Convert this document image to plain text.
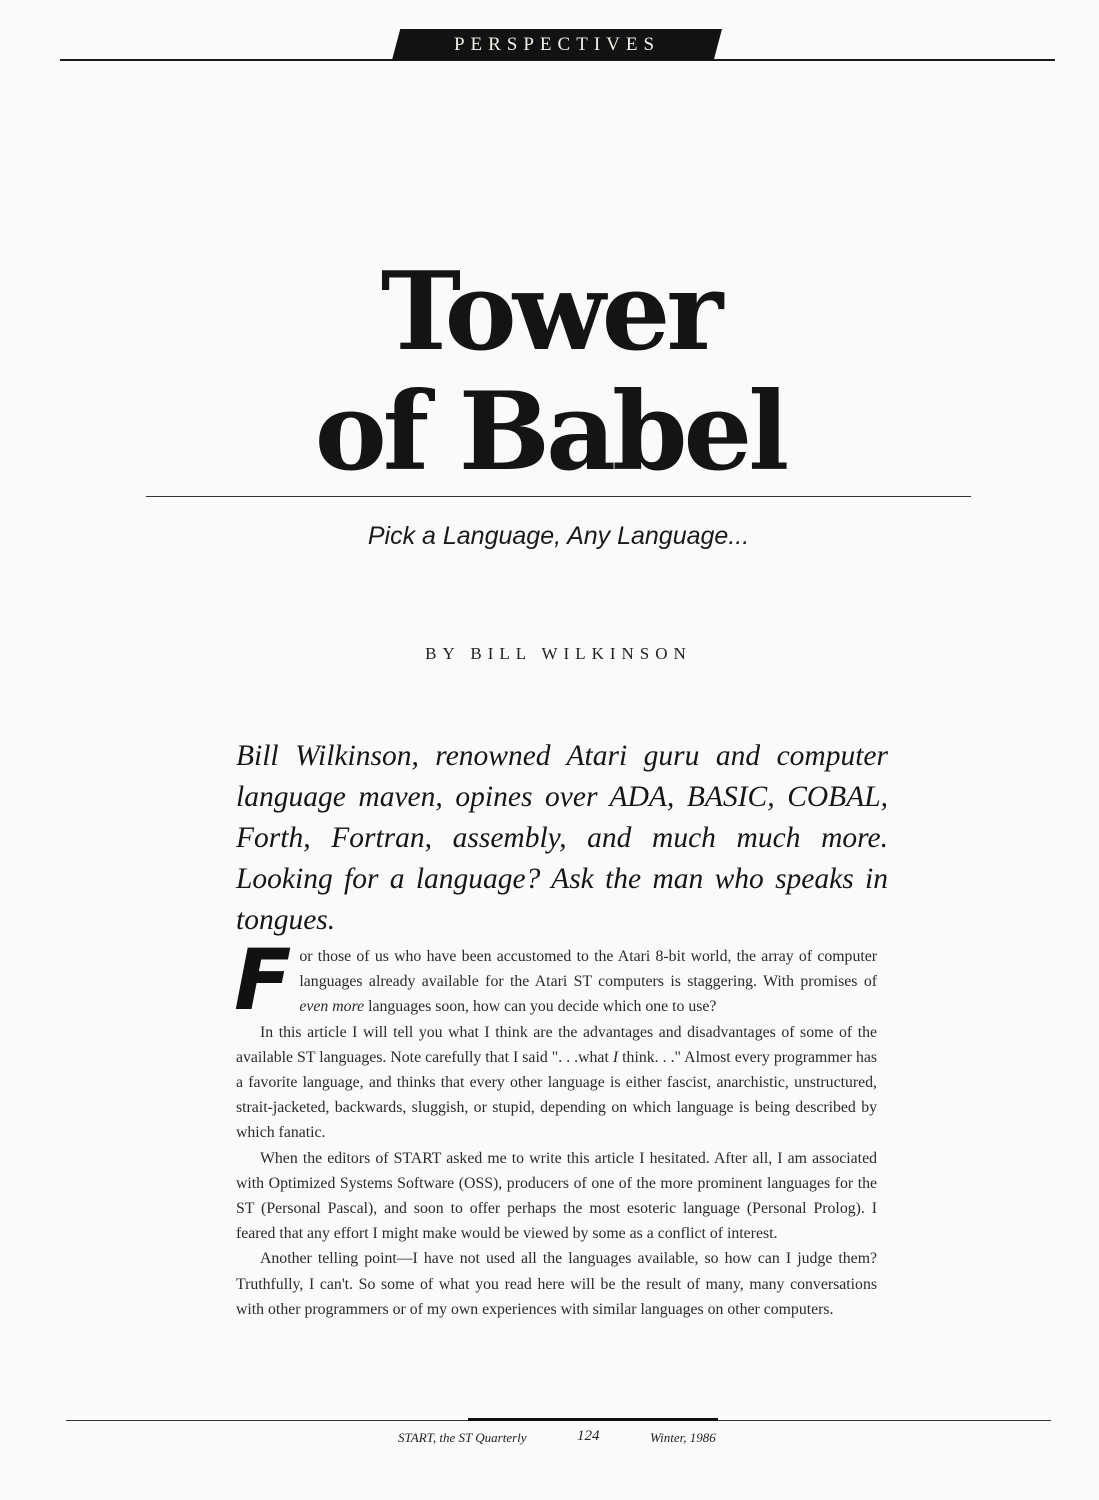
PERSPECTIVES
Tower
of Babel
Pick a Language, Any Language...
BY BILL WILKINSON
Bill Wilkinson, renowned Atari guru and computer language maven, opines over ADA, BASIC, COBAL, Forth, Fortran, assembly, and much much more. Looking for a language? Ask the man who speaks in tongues.

For those of us who have been accustomed to the Atari 8-bit world, the array of computer languages already available for the Atari ST computers is staggering. With promises of even more languages soon, how can you decide which one to use?

In this article I will tell you what I think are the advantages and disadvantages of some of the available ST languages. Note carefully that I said ". . .what I think. . ." Almost every programmer has a favorite language, and thinks that every other language is either fascist, anarchistic, unstructured, strait-jacketed, backwards, sluggish, or stupid, depending on which language is being described by which fanatic.

When the editors of START asked me to write this article I hesitated. After all, I am associated with Optimized Systems Software (OSS), producers of one of the more prominent languages for the ST (Personal Pascal), and soon to offer perhaps the most esoteric language (Personal Prolog). I feared that any effort I might make would be viewed by some as a conflict of interest.

Another telling point—I have not used all the languages available, so how can I judge them? Truthfully, I can't. So some of what you read here will be the result of many, many conversations with other programmers or of my own experiences with similar languages on other computers.

START, the ST Quarterly	124	Winter, 1986
